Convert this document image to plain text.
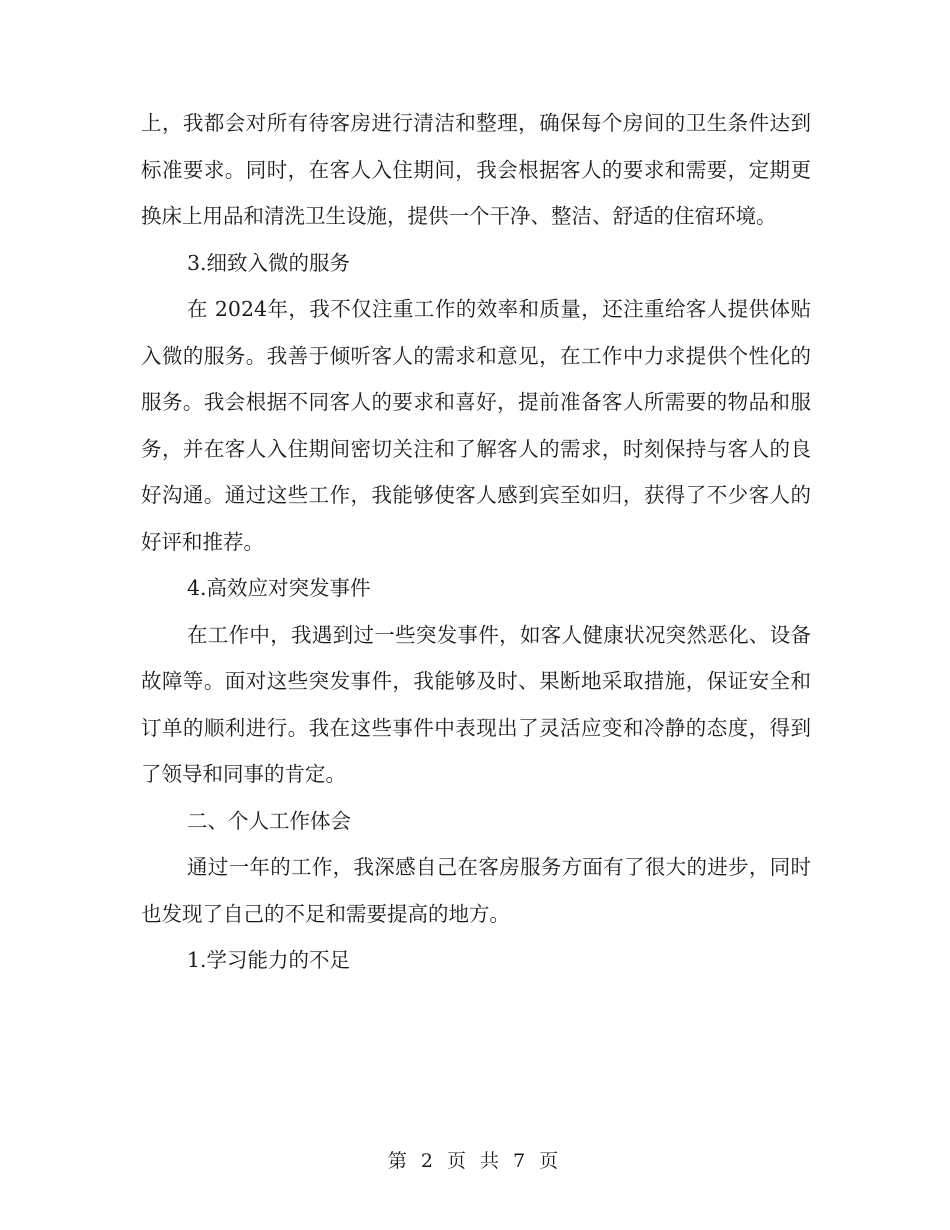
上，我都会对所有待客房进行清洁和整理，确保每个房间的卫生条件达到标准要求。同时，在客人入住期间，我会根据客人的要求和需要，定期更换床上用品和清洗卫生设施，提供一个干净、整洁、舒适的住宿环境。

3.细致入微的服务

在 2024年，我不仅注重工作的效率和质量，还注重给客人提供体贴入微的服务。我善于倾听客人的需求和意见，在工作中力求提供个性化的服务。我会根据不同客人的要求和喜好，提前准备客人所需要的物品和服务，并在客人入住期间密切关注和了解客人的需求，时刻保持与客人的良好沟通。通过这些工作，我能够使客人感到宾至如归，获得了不少客人的好评和推荐。

4.高效应对突发事件

在工作中，我遇到过一些突发事件，如客人健康状况突然恶化、设备故障等。面对这些突发事件，我能够及时、果断地采取措施，保证安全和订单的顺利进行。我在这些事件中表现出了灵活应变和冷静的态度，得到了领导和同事的肯定。

二、个人工作体会

通过一年的工作，我深感自己在客房服务方面有了很大的进步，同时也发现了自己的不足和需要提高的地方。

1.学习能力的不足

第 2 页 共 7 页
